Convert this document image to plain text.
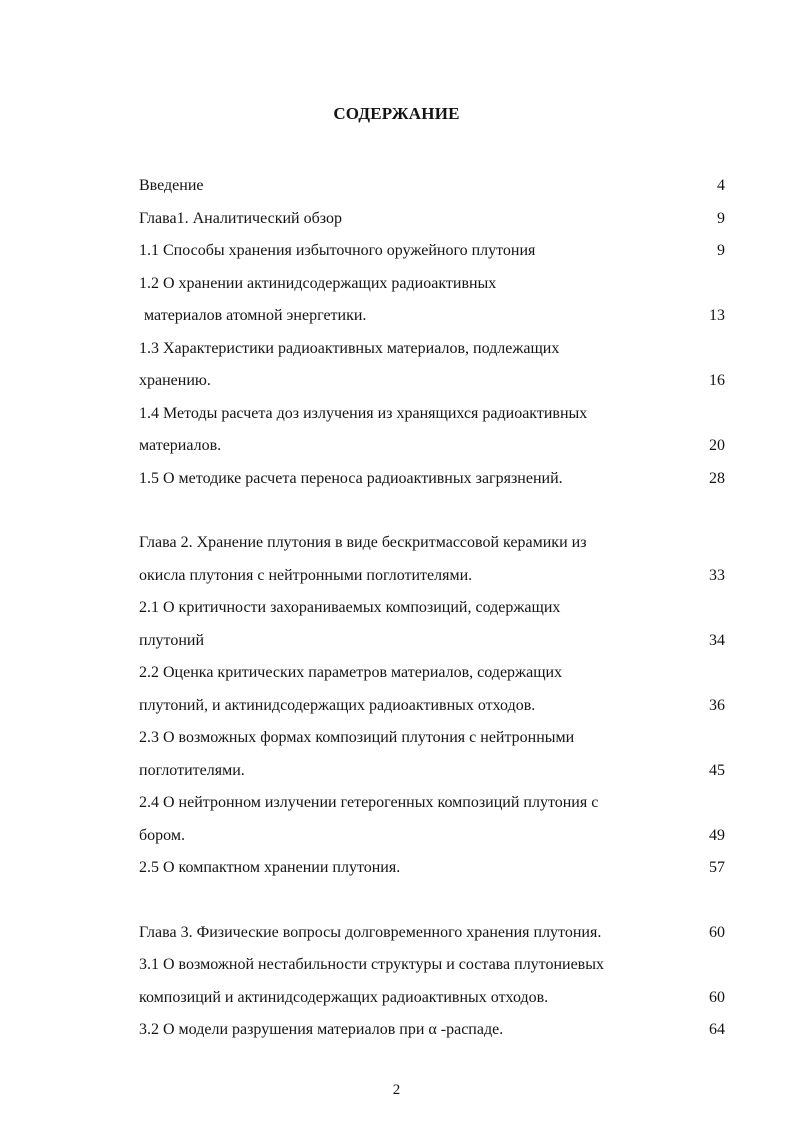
СОДЕРЖАНИЕ
Введение	4
Глава1. Аналитический обзор	9
1.1 Способы хранения избыточного оружейного плутония	9
1.2 О хранении актинидсодержащих радиоактивных
материалов атомной энергетики.	13
1.3 Характеристики радиоактивных материалов, подлежащих
хранению.	16
1.4 Методы расчета доз излучения из хранящихся радиоактивных
материалов.	20
1.5 О методике расчета переноса радиоактивных загрязнений.	28
Глава 2. Хранение плутония в виде бескритмассовой керамики из
окисла плутония с нейтронными поглотителями.	33
2.1 О критичности захораниваемых композиций, содержащих
плутоний	34
2.2 Оценка критических параметров материалов, содержащих
плутоний, и актинидсодержащих радиоактивных отходов.	36
2.3 О возможных формах композиций плутония с нейтронными
поглотителями.	45
2.4 О нейтронном излучении гетерогенных композиций плутония с
бором.	49
2.5 О компактном хранении плутония.	57
Глава 3. Физические вопросы долговременного хранения плутония.	60
3.1 О возможной нестабильности структуры и состава плутониевых
композиций и актинидсодержащих радиоактивных отходов.	60
3.2 О модели разрушения материалов при α -распаде.	64
2
